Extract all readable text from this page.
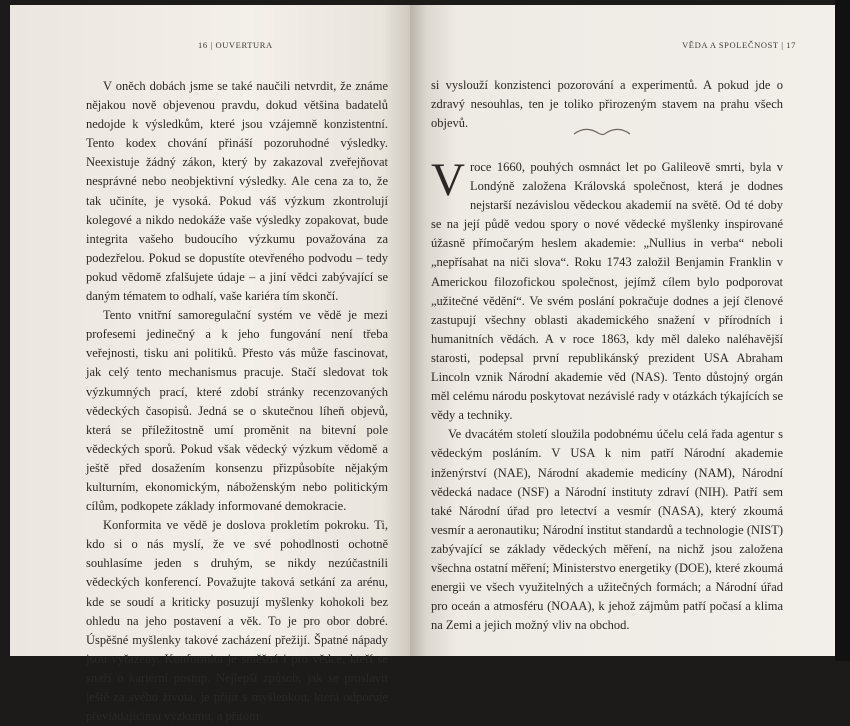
16 | OUVERTURA

V oněch dobách jsme se také naučili netvrdit, že známe nějakou nově objevenou pravdu, dokud většina badatelů nedojde k výsledkům, které jsou vzájemně konzistentní. Tento kodex chování přináší pozoruhodné výsledky. Neexistuje žádný zákon, který by zakazoval zveřejňovat nesprávné nebo neobjektivní výsledky. Ale cena za to, že tak učiníte, je vysoká. Pokud váš výzkum zkontrolují kolegové a nikdo nedokáže vaše výsledky zopakovat, bude integrita vašeho budoucího výzkumu považována za podezřelou. Pokud se dopustíte otevřeného podvodu – tedy pokud vědomě zfalšujete údaje – a jiní vědci zabývající se daným tématem to odhalí, vaše kariéra tím skončí.

Tento vnitřní samoregulační systém ve vědě je mezi profesemi jedinečný a k jeho fungování není třeba veřejnosti, tisku ani politiků. Přesto vás může fascinovat, jak celý tento mechanismus pracuje. Stačí sledovat tok výzkumných prací, které zdobí stránky recenzovaných vědeckých časopisů. Jedná se o skutečnou líheň objevů, která se příležitostně umí proměnit na bitevní pole vědeckých sporů. Pokud však vědecký výzkum vědomě a ještě před dosažením konsenzu přizpůsobíte nějakým kulturním, ekonomickým, náboženským nebo politickým cílům, podkopete základy informované demokracie.

Konformita ve vědě je doslova prokletím pokroku. Ti, kdo si o nás myslí, že ve své pohodlnosti ochotně souhlasíme jeden s druhým, se nikdy nezúčastnili vědeckých konferencí. Považujte taková setkání za arénu, kde se soudí a kriticky posuzují myšlenky kohokoli bez ohledu na jeho postavení a věk. To je pro obor dobré. Úspěšné myšlenky takové zacházení přežijí. Špatné nápady jsou vyřazeny. Konformita je směšná i pro vědce, kteří se snaží o kariérní postup. Nejlepší způsob, jak se proslavit ještě za svého života, je přijít s myšlenkou, která odporuje převládajícímu výzkumu, a přitom

VĚDA A SPOLEČNOST | 17

si vyslouží konzistenci pozorování a experimentů. A pokud jde o zdravý nesouhlas, ten je toliko přirozeným stavem na prahu všech objevů.

V roce 1660, pouhých osmnáct let po Galileově smrti, byla v Londýně založena Královská společnost, která je dodnes nejstarší nezávislou vědeckou akademií na světě. Od té doby se na její půdě vedou spory o nové vědecké myšlenky inspirované úžasně přímočarým heslem akademie: „Nullius in verba“ neboli „nepřísahat na niči slova“. Roku 1743 založil Benjamin Franklin v Americkou filozofickou společnost, jejímž cílem bylo podporovat „užitečné vědění“. Ve svém poslání pokračuje dodnes a její členové zastupují všechny oblasti akademického snažení v přírodních i humanitních vědách. A v roce 1863, kdy měl daleko naléhavější starosti, podepsal první republikánský prezident USA Abraham Lincoln vznik Národní akademie věd (NAS). Tento důstojný orgán měl celému národu poskytovat nezávislé rady v otázkách týkajících se vědy a techniky.

Ve dvacátém století sloužila podobnému účelu celá řada agentur s vědeckým posláním. V USA k nim patří Národní akademie inženýrství (NAE), Národní akademie medicíny (NAM), Národní vědecká nadace (NSF) a Národní instituty zdraví (NIH). Patří sem také Národní úřad pro letectví a vesmír (NASA), který zkoumá vesmír a aeronautiku; Národní institut standardů a technologie (NIST) zabývající se základy vědeckých měření, na nichž jsou založena všechna ostatní měření; Ministerstvo energetiky (DOE), které zkoumá energii ve všech využitelných a užitečných formách; a Národní úřad pro oceán a atmosféru (NOAA), k jehož zájmům patří počasí a klima na Zemi a jejich možný vliv na obchod.
